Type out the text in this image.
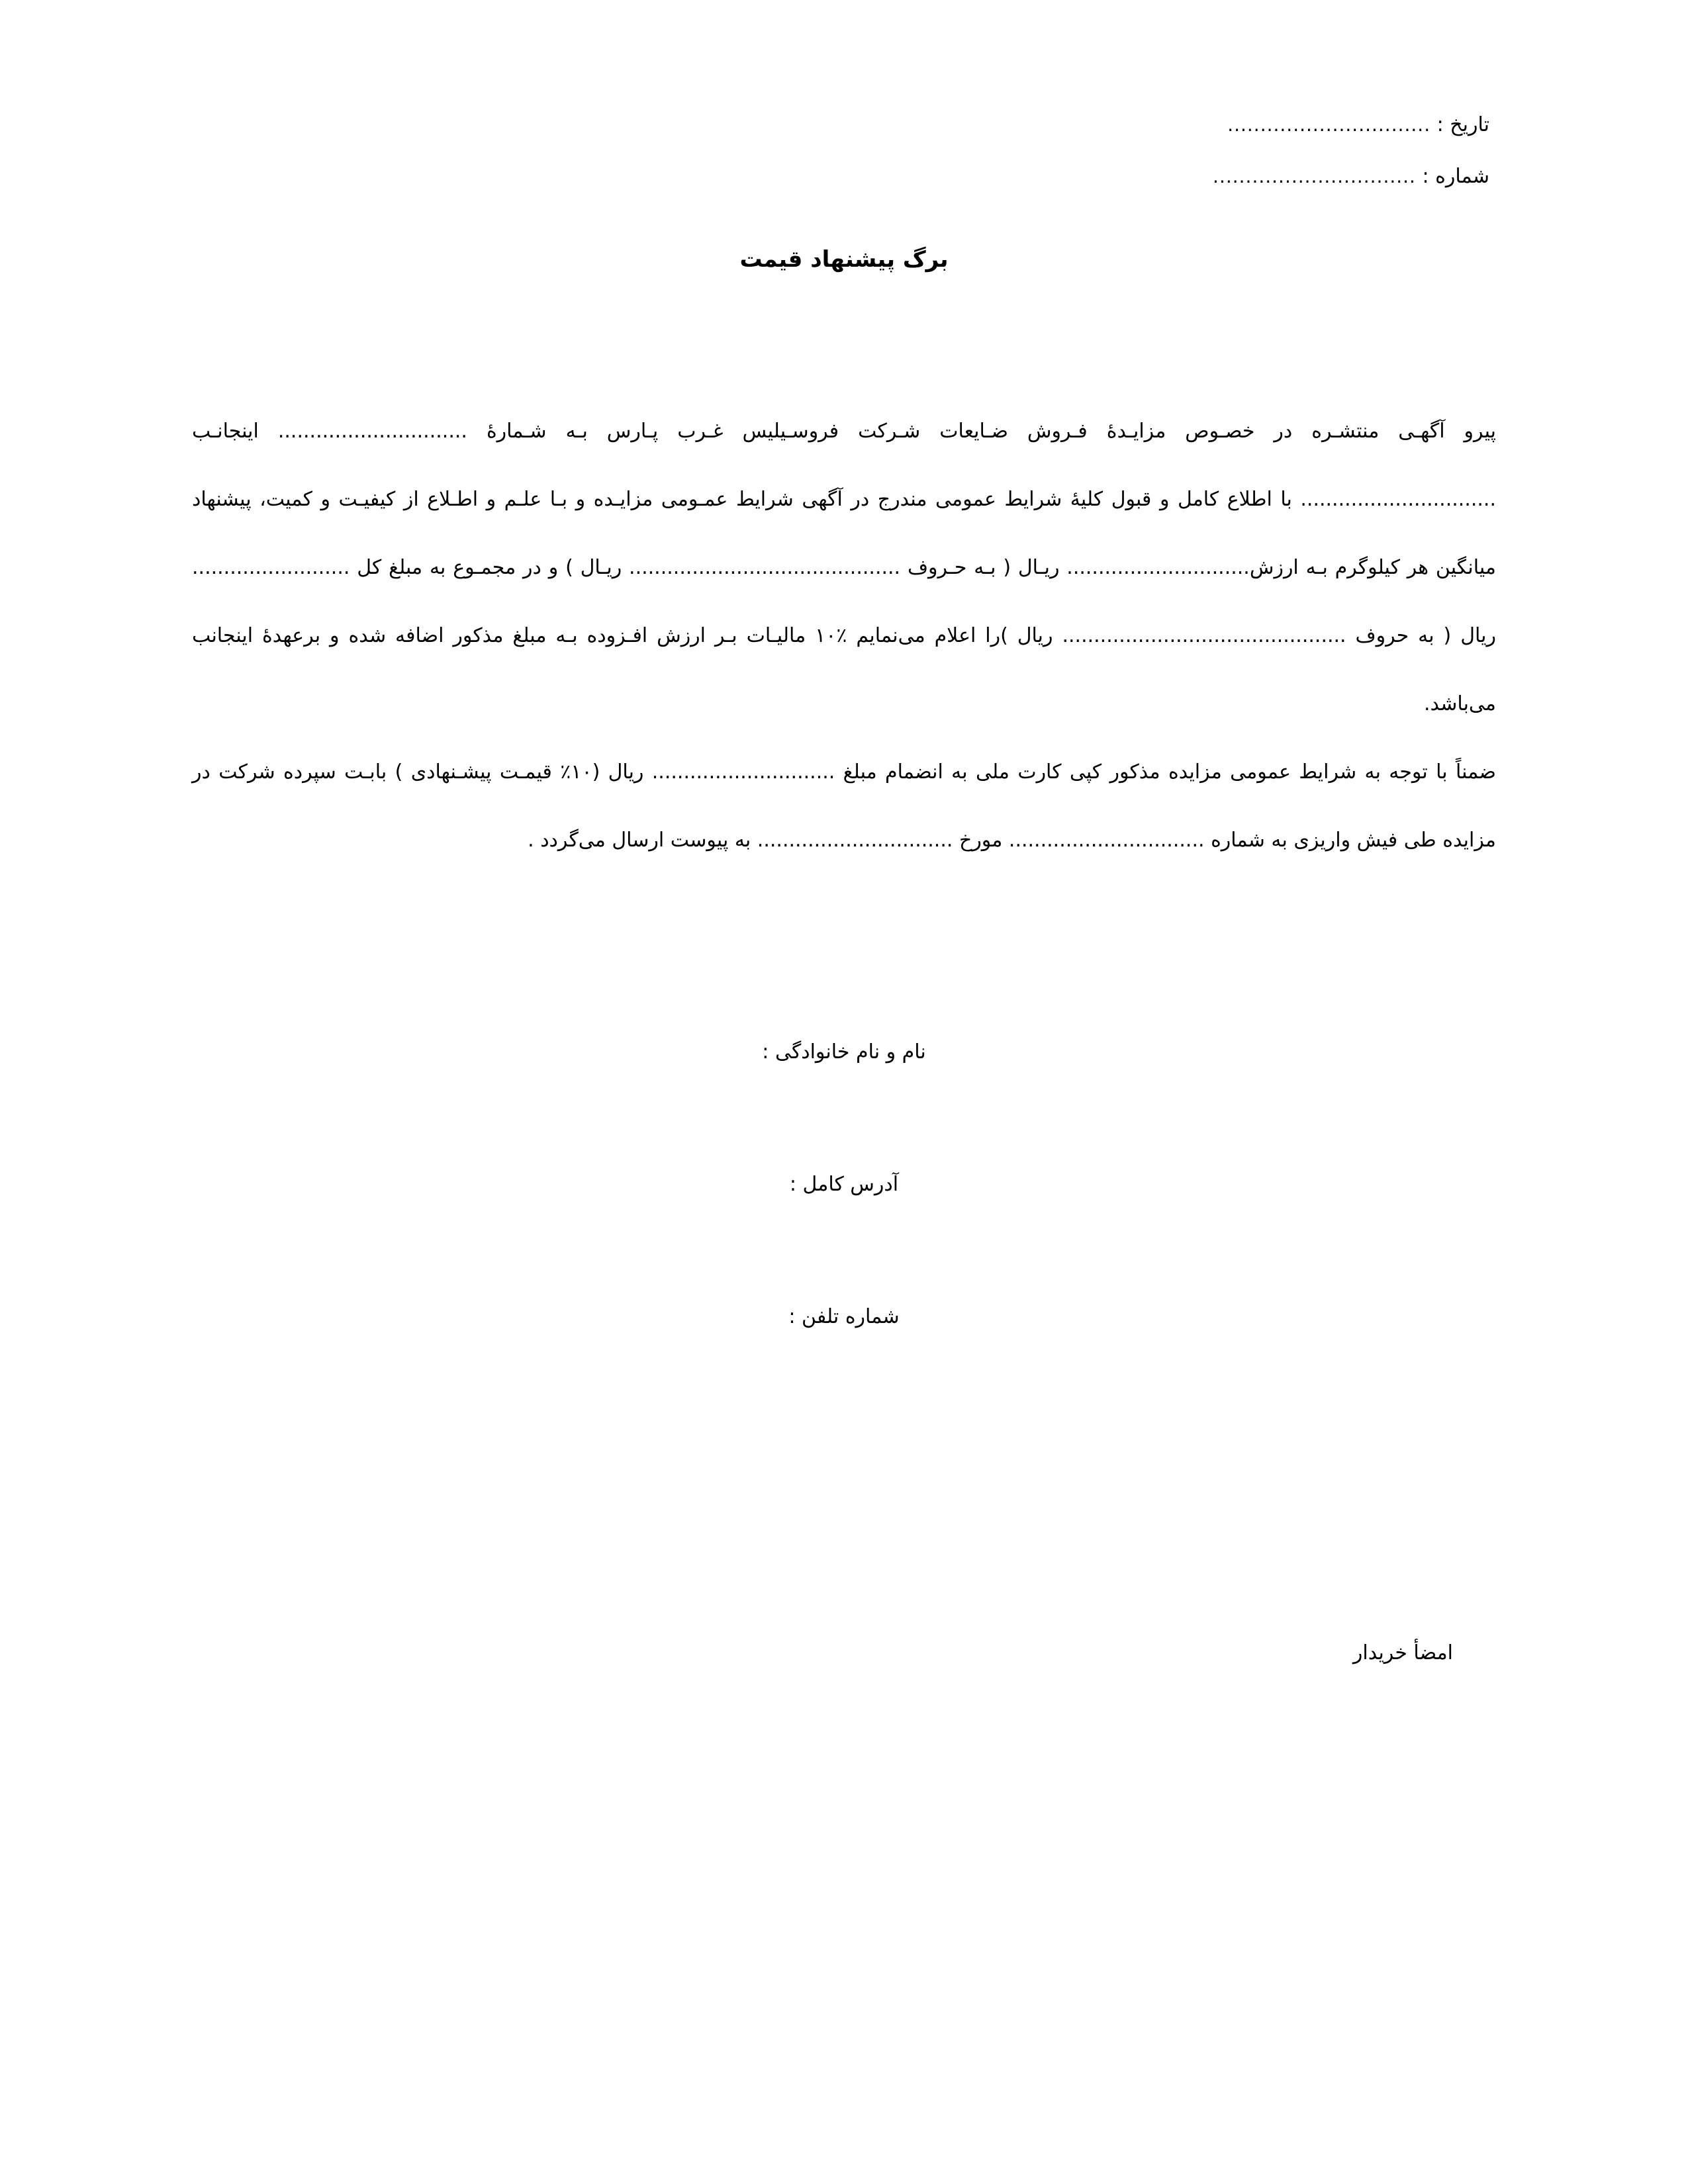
تاریخ : ...............................
شماره : ...............................
برگ پیشنهاد قیمت

پیرو آگهـی منتشـره در خصـوص مزایـدۀ فـروش ضـایعات شـرکت فروسـیلیس غـرب پـارس بـه شـمارۀ .............................. اینجانـب ............................... با اطلاع کامل و قبول کلیۀ شرایط عمومی مندرج در آگهی شرایط عمـومی مزایـده و بـا علـم و اطـلاع از کیفیـت و کمیت، پیشنهاد میانگین هر کیلوگرم بـه ارزش............................. ریـال ( بـه حـروف ........................................... ریـال ) و در مجمـوع به مبلغ کل ......................... ریال ( به حروف ............................................. ریال )را اعلام می‌نمایم ٪۱۰ مالیـات بـر ارزش افـزوده بـه مبلغ مذکور اضافه شده و برعهدۀ اینجانب می‌باشد.

ضمناً با توجه به شرایط عمومی مزایده مذکور کپی کارت ملی به انضمام مبلغ ............................. ریال (۱۰٪ قیمـت پیشـنهادی ) بابـت سپرده شرکت در مزایده طی فیش واریزی به شماره ............................... مورخ ............................... به پیوست ارسال می‌گردد .

نام و نام خانوادگی :
آدرس کامل :
شماره تلفن :
امضأ خریدار
